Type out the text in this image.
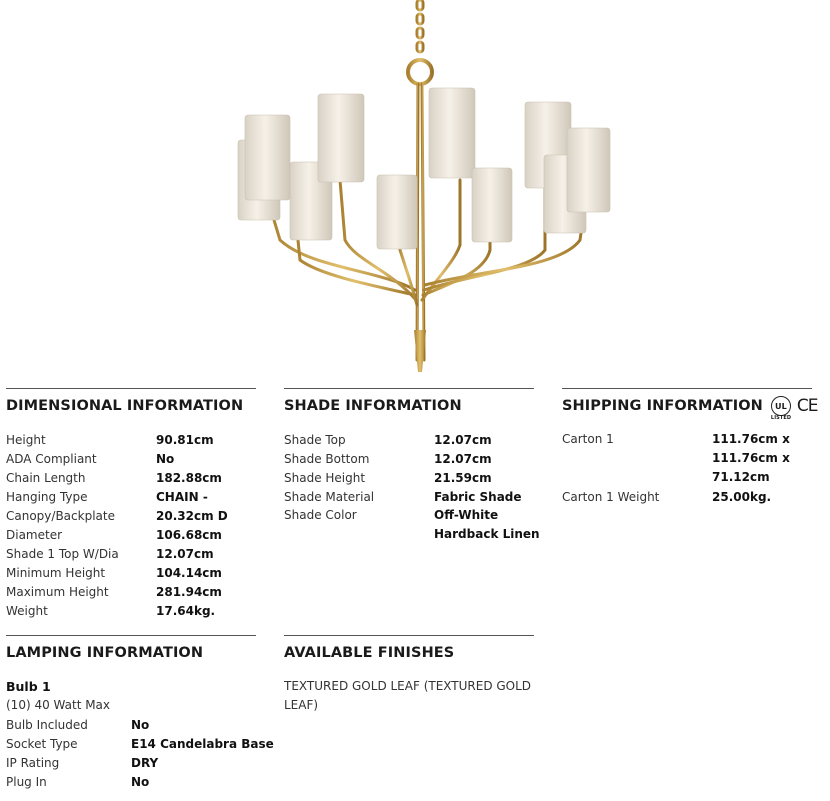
DIMENSIONAL INFORMATION
Height	90.81cm
ADA Compliant	No
Chain Length	182.88cm
Hanging Type	CHAIN -
Canopy/Backplate	20.32cm D
Diameter	106.68cm
Shade 1 Top W/Dia	12.07cm
Minimum Height	104.14cm
Maximum Height	281.94cm
Weight	17.64kg.
SHADE INFORMATION
Shade Top	12.07cm
Shade Bottom	12.07cm
Shade Height	21.59cm
Shade Material	Fabric Shade
Shade Color	Off-White
Hardback Linen
SHIPPING INFORMATION UL
LISTED
CE
Carton 1	111.76cm x
111.76cm x
71.12cm
Carton 1 Weight	25.00kg.
LAMPING INFORMATION
Bulb 1
(10) 40 Watt Max
Bulb Included	No
Socket Type	E14 Candelabra Base
IP Rating	DRY
Plug In	No
AVAILABLE FINISHES
TEXTURED GOLD LEAF (TEXTURED GOLD LEAF)
